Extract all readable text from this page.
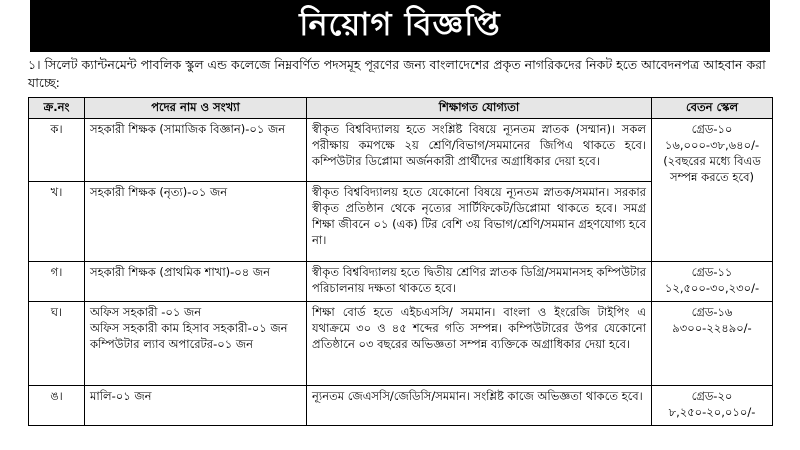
নিয়োগ বিজ্ঞপ্তি
১। সিলেট ক্যান্টনমেন্ট পাবলিক স্কুল এন্ড কলেজে নিম্নবর্ণিত পদসমূহ পূরণের জন্য বাংলাদেশের প্রকৃত নাগরিকদের নিকট হতে আবেদনপত্র আহবান করা যাচ্ছে:
ক্র.নং	পদের নাম ও সংখ্যা	শিক্ষাগত যোগ্যতা	বেতন স্কেল
ক।	সহকারী শিক্ষক (সামাজিক বিজ্ঞান)-০১ জন	স্বীকৃত বিশ্ববিদ্যালয় হতে সংশ্লিষ্ট বিষয়ে ন্যূনতম স্নাতক (সম্মান)। সকল পরীক্ষায় কমপক্ষে ২য় শ্রেণি/বিভাগ/সমমানের জিপিএ থাকতে হবে। কম্পিউটার ডিপ্লোমা অর্জনকারী প্রার্থীদের অগ্রাধিকার দেয়া হবে।	গ্রেড-১০
১৬,০০০-৩৮,৬৪০/-
(২বছরের মধ্যে বিএড
সম্পন্ন করতে হবে)

খ।	সহকারী শিক্ষক (নৃত্য)-০১ জন	স্বীকৃত বিশ্ববিদ্যালয় হতে যেকোনো বিষয়ে ন্যূনতম স্নাতক/সমমান। সরকার স্বীকৃত প্রতিষ্ঠান থেকে নৃত্যের সার্টিফিকেট/ডিপ্লোমা থাকতে হবে। সমগ্র শিক্ষা জীবনে ০১ (এক) টির বেশি ৩য় বিভাগ/শ্রেণি/সমমান গ্রহণযোগ্য হবে না।	
গ।	সহকারী শিক্ষক (প্রাথমিক শাখা)-০৪ জন	স্বীকৃত বিশ্ববিদ্যালয় হতে দ্বিতীয় শ্রেণির স্নাতক ডিগ্রি/সমমানসহ কম্পিউটার পরিচালনায় দক্ষতা থাকতে হবে।	গ্রেড-১১
১২,৫০০-৩০,২৩০/-

ঘ।	অফিস সহকারী -০১ জন
অফিস সহকারী কাম হিসাব সহকারী-০১ জন
কম্পিউটার ল্যাব অপারেটর-০১ জন	শিক্ষা বোর্ড হতে এইচএসসি/ সমমান। বাংলা ও ইংরেজি টাইপিং এ যথাক্রমে ৩০ ও ৪৫ শব্দের গতি সম্পন্ন। কম্পিউটারের উপর যেকোনো প্রতিষ্ঠানে ০৩ বছরের অভিজ্ঞতা সম্পন্ন ব্যক্তিকে অগ্রাধিকার দেয়া হবে।	গ্রেড-১৬
৯৩০০-২২৪৯০/-

ঙ।	মালি-০১ জন	ন্যূনতম জেএসসি/জেডিসি/সমমান। সংশ্লিষ্ট কাজে অভিজ্ঞতা থাকতে হবে।	গ্রেড-২০
৮,২৫০-২০,০১০/-
